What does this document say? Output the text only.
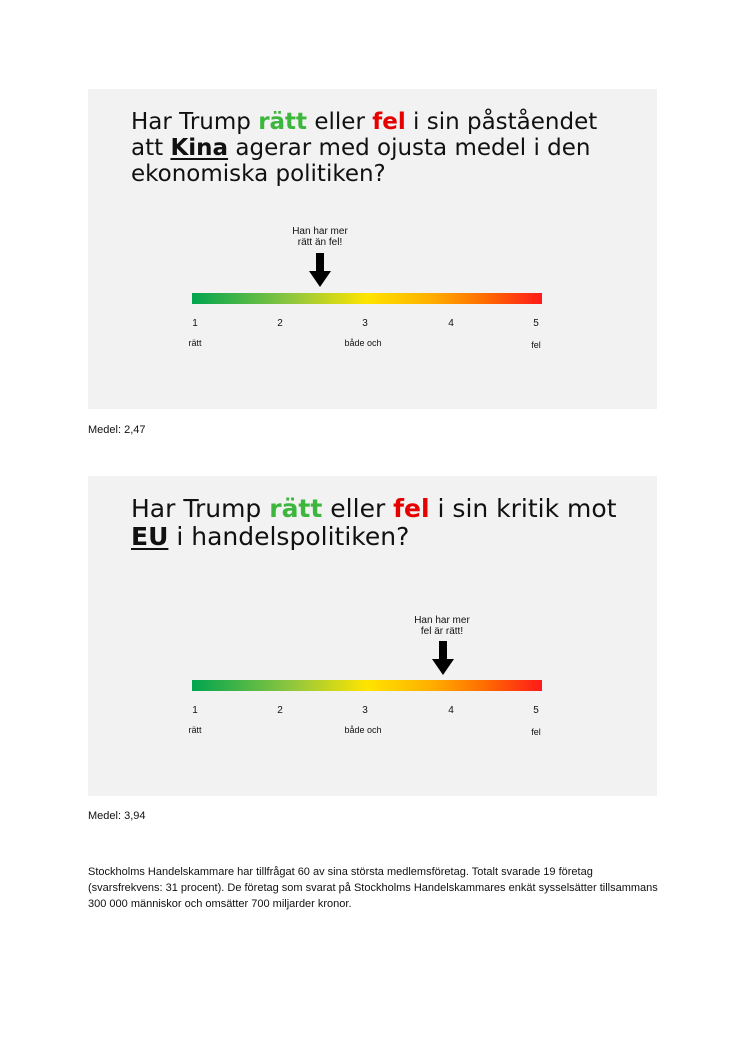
Har Trump rätt eller fel i sin påståendet att Kina agerar med ojusta medel i den ekonomiska politiken?
Han har mer
rätt än fel!
1	2	3	4	5
rätt	både och	fel
Medel: 2,47
Har Trump rätt eller fel i sin kritik mot EU i handelspolitiken?
Han har mer
fel är rätt!
1	2	3	4	5
rätt	både och	fel
Medel: 3,94
Stockholms Handelskammare har tillfrågat 60 av sina största medlemsföretag. Totalt svarade 19 företag (svarsfrekvens: 31 procent). De företag som svarat på Stockholms Handelskammares enkät sysselsätter tillsammans 300 000 människor och omsätter 700 miljarder kronor.
